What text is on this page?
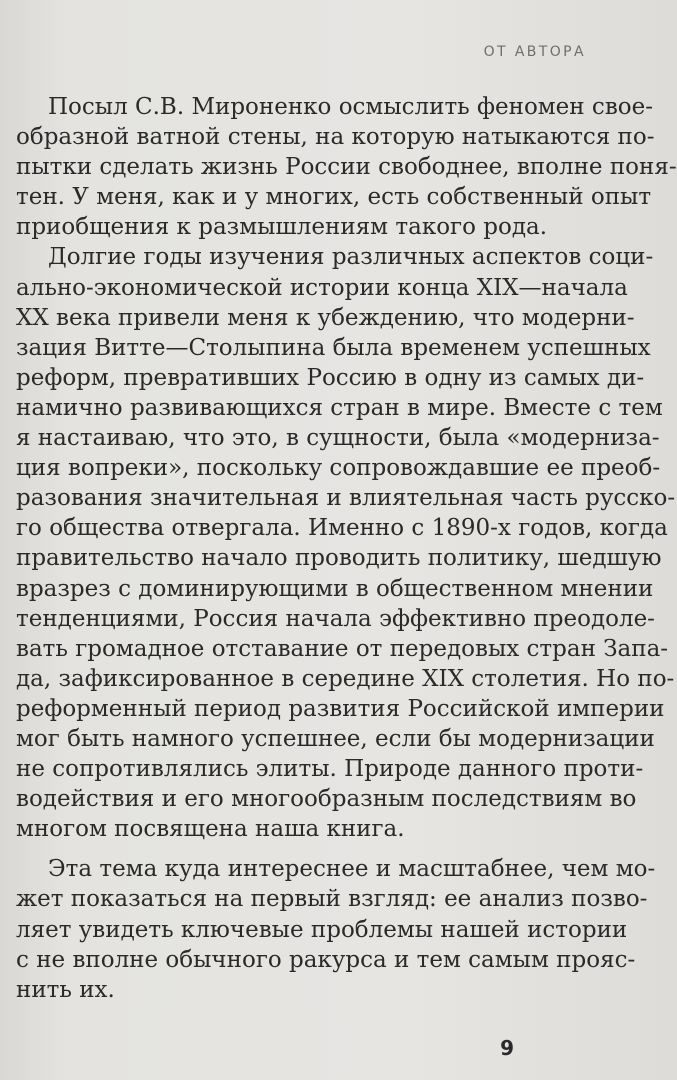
ОТ АВТОРА
Посыл С.В. Мироненко осмыслить феномен свое-
образной ватной стены, на которую натыкаются по-
пытки сделать жизнь России свободнее, вполне поня-
тен. У меня, как и у многих, есть собственный опыт
приобщения к размышлениям такого рода.
Долгие годы изучения различных аспектов соци-
ально-экономической истории конца XIX—начала
XX века привели меня к убеждению, что модерни-
зация Витте—Столыпина была временем успешных
реформ, превративших Россию в одну из самых ди-
намично развивающихся стран в мире. Вместе с тем
я настаиваю, что это, в сущности, была «модерниза-
ция вопреки», поскольку сопровождавшие ее преоб-
разования значительная и влиятельная часть русско-
го общества отвергала. Именно с 1890-х годов, когда
правительство начало проводить политику, шедшую
вразрез с доминирующими в общественном мнении
тенденциями, Россия начала эффективно преодоле-
вать громадное отставание от передовых стран Запа-
да, зафиксированное в середине XIX столетия. Но по-
реформенный период развития Российской империи
мог быть намного успешнее, если бы модернизации
не сопротивлялись элиты. Природе данного проти-
водействия и его многообразным последствиям во
многом посвящена наша книга.
Эта тема куда интереснее и масштабнее, чем мо-
жет показаться на первый взгляд: ее анализ позво-
ляет увидеть ключевые проблемы нашей истории
с не вполне обычного ракурса и тем самым прояс-
нить их.
9
